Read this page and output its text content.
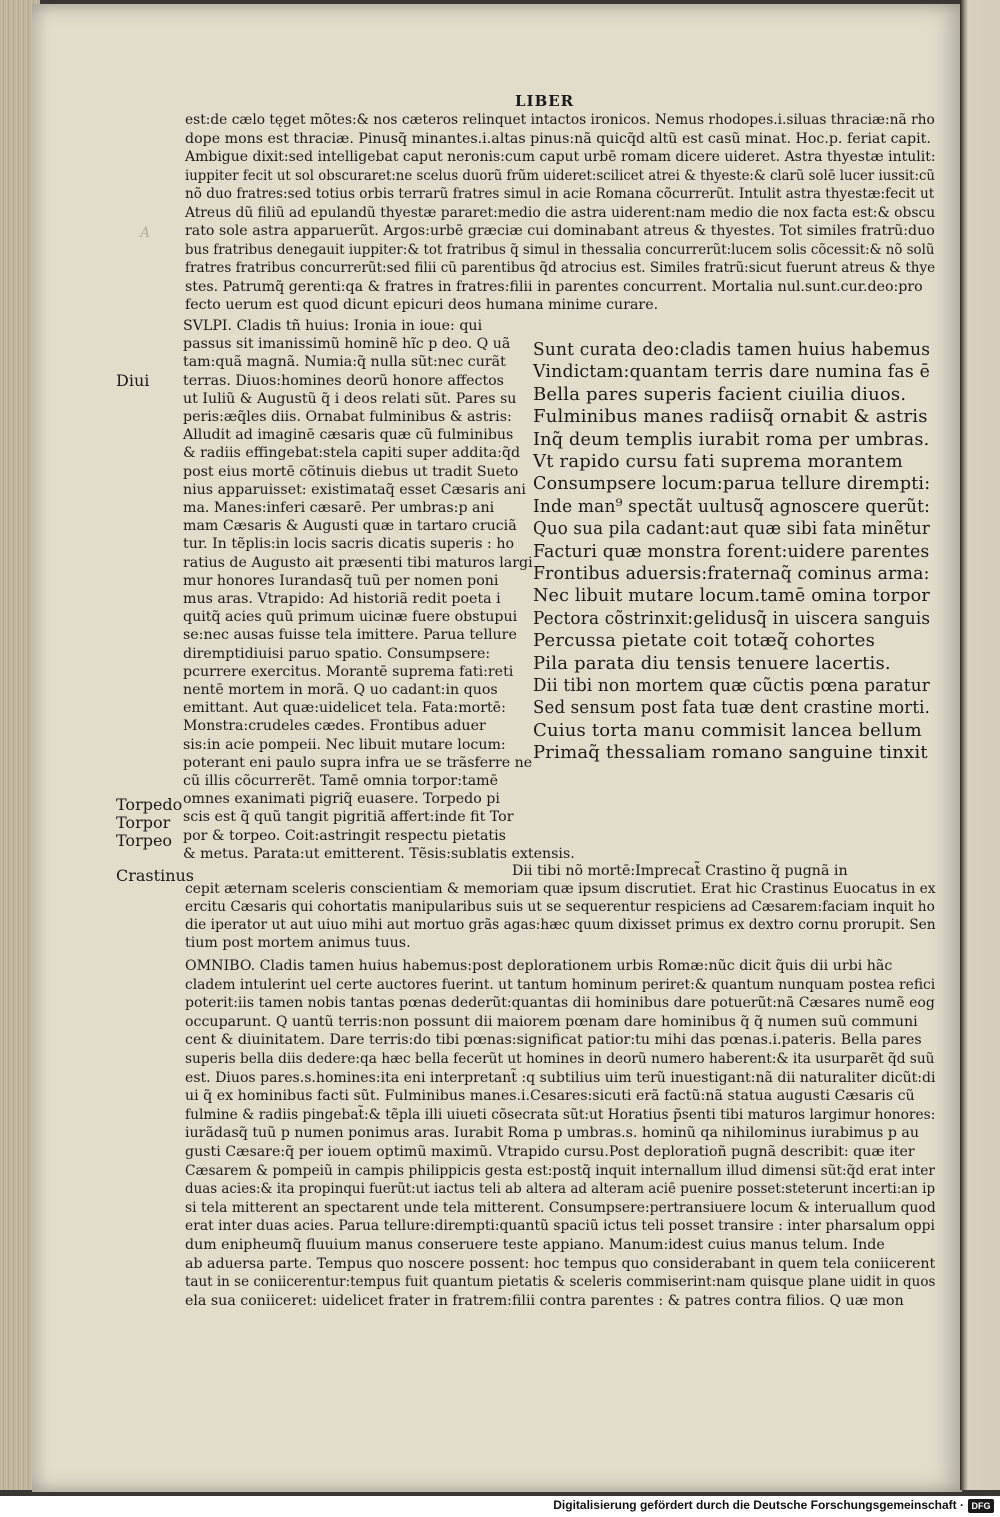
A
LIBER
est:de cælo tęget mõtes:& nos cæteros relinquet intactos ironicos. Nemus rhodopes.i.siluas thraciæ:nã rho
dope mons est thraciæ. Pinusq̃ minantes.i.altas pinus:nã quicq̃d altũ est casũ minat. Hoc.p. feriat capit.
Ambigue dixit:sed intelligebat caput neronis:cum caput urbē romam dicere uideret. Astra thyestæ intulit:
iuppiter fecit ut sol obscuraret:ne scelus duorũ frũm uideret:scilicet atrei & thyeste:& clarũ solē lucer iussit:cũ
nõ duo fratres:sed totius orbis terrarũ fratres simul in acie Romana cõcurrerũt. Intulit astra thyestæ:fecit ut
Atreus dũ filiũ ad epulandũ thyestæ pararet:medio die astra uiderent:nam medio die nox facta est:& obscu
rato sole astra apparuerũt. Argos:urbē græciæ cui dominabant atreus & thyestes. Tot similes fratrũ:duo
bus fratribus denegauit iuppiter:& tot fratribus q̃ simul in thessalia concurrerũt:lucem solis cõcessit:& nõ solũ
fratres fratribus concurrerũt:sed filii cũ parentibus q̃d atrocius est. Similes fratrũ:sicut fuerunt atreus & thye
stes. Patrumq̃ gerenti:qa & fratres in fratres:filii in parentes concurrent. Mortalia nul.sunt.cur.deo:pro
fecto uerum est quod dicunt epicuri deos humana minime curare.
SVLPI. Cladis tñ huius: Ironia in ioue: qui
passus sit imanissimũ hominẽ hĩc p deo. Q uã
tam:quã magnã. Numia:q̃ nulla sũt:nec curãt
terras. Diuos:homines deorũ honore affectos
ut Iuliũ & Augustũ q̃ i deos relati sũt. Pares su
peris:æq̃les diis. Ornabat fulminibus & astris:
Alludit ad imaginē cæsaris quæ cũ fulminibus
& radiis effingebat:stela capiti super addita:q̃d
post eius mortē cõtinuis diebus ut tradit Sueto
nius apparuisset: existimataq̃ esset Cæsaris ani
ma. Manes:inferi cæsarē. Per umbras:p ani
mam Cæsaris & Augusti quæ in tartaro cruciã
tur. In tẽplis:in locis sacris dicatis superis : ho
ratius de Augusto ait præsenti tibi maturos largi
mur honores Iurandasq̃ tuũ per nomen poni
mus aras. Vtrapido: Ad historiã redit poeta i
quitq̃ acies quũ primum uicinæ fuere obstupui
se:nec ausas fuisse tela imittere. Parua tellure
diremptidiuisi paruo spatio. Consumpsere:
pcurrere exercitus. Morantē suprema fati:reti
nentē mortem in morã. Q uo cadant:in quos
emittant. Aut quæ:uidelicet tela. Fata:mortē:
Monstra:crudeles cædes. Frontibus aduer
sis:in acie pompeii. Nec libuit mutare locum:
poterant eni paulo supra infra ue se trãsferre ne
cũ illis cõcurrerẽt. Tamē omnia torpor:tamē
omnes exanimati pigriq̃ euasere. Torpedo pi
scis est q̃ quũ tangit pigritiã affert:inde fit Tor
por & torpeo. Coit:astringit respectu pietatis
& metus. Parata:ut emitterent. Tẽsis:sublatis extensis.
Sunt curata deo:cladis tamen huius habemus
Vindictam:quantam terris dare numina fas ē
Bella pares superis facient ciuilia diuos.
Fulminibus manes radiisq̃ ornabit & astris
Inq̃ deum templis iurabit roma per umbras.
Vt rapido cursu fati suprema morantem
Consumpsere locum:parua tellure dirempti:
Inde man⁹ spectãt uultusq̃ agnoscere querũt:
Quo sua pila cadant:aut quæ sibi fata minẽtur
Facturi quæ monstra forent:uidere parentes
Frontibus aduersis:fraternaq̃ cominus arma:
Nec libuit mutare locum.tamē omina torpor
Pectora cõstrinxit:gelidusq̃ in uiscera sanguis
Percussa pietate coit totæq̃ cohortes
Pila parata diu tensis tenuere lacertis.
Dii tibi non mortem quæ cũctis pœna paratur
Sed sensum post fata tuæ dent crastine morti.
Cuius torta manu commisit lancea bellum
Primaq̃ thessaliam romano sanguine tinxit
Dii tibi nõ mortē:Imprecat̃ Crastino q̃ pugnã in
cepit æternam sceleris conscientiam & memoriam quæ ipsum discrutiet. Erat hic Crastinus Euocatus in ex
ercitu Cæsaris qui cohortatis manipularibus suis ut se sequerentur respiciens ad Cæsarem:faciam inquit ho
die iperator ut aut uiuo mihi aut mortuo grãs agas:hæc quum dixisset primus ex dextro cornu prorupit. Sen
tium post mortem animus tuus.
OMNIBO. Cladis tamen huius habemus:post deplorationem urbis Romæ:nũc dicit q̃uis dii urbi hãc
cladem intulerint uel certe auctores fuerint. ut tantum hominum periret:& quantum nunquam postea refici
poterit:iis tamen nobis tantas pœnas dederũt:quantas dii hominibus dare potuerũt:nã Cæsares numẽ eog
occuparunt. Q uantũ terris:non possunt dii maiorem pœnam dare hominibus q̃ q̃ numen suũ communi
cent & diuinitatem. Dare terris:do tibi pœnas:significat patior:tu mihi das pœnas.i.pateris. Bella pares
superis bella diis dedere:qa hæc bella fecerũt ut homines in deorũ numero haberent:& ita usurparẽt q̃d suũ
est. Diuos pares.s.homines:ita eni interpretant̃ :q subtilius uim terũ inuestigant:nã dii naturaliter dicũt:di
ui q̃ ex hominibus facti sũt. Fulminibus manes.i.Cesares:sicuti erã factũ:nã statua augusti Cæsaris cũ
fulmine & radiis pingebat̃:& tẽpla illi uiueti cõsecrata sũt:ut Horatius p̃senti tibi maturos largimur honores:
iurãdasq̃ tuũ p numen ponimus aras. Iurabit Roma p umbras.s. hominũ qa nihilominus iurabimus p au
gusti Cæsare:q̃ per iouem optimũ maximũ. Vtrapido cursu.Post deploratioñ pugnã describit: quæ iter
Cæsarem & pompeiũ in campis philippicis gesta est:postq̃ inquit internallum illud dimensi sũt:q̃d erat inter
duas acies:& ita propinqui fuerũt:ut iactus teli ab altera ad alteram aciē puenire posset:steterunt incerti:an ip
si tela mitterent an spectarent unde tela mitterent. Consumpsere:pertransiuere locum & interuallum quod
erat inter duas acies. Parua tellure:dirempti:quantũ spaciũ ictus teli posset transire : inter pharsalum oppi
dum enipheumq̃ fluuium manus conseruere teste appiano. Manum:idest cuius manus telum. Inde
ab aduersa parte. Tempus quo noscere possent: hoc tempus quo considerabant in quem tela coniicerent
taut in se coniicerentur:tempus fuit quantum pietatis & sceleris commiserint:nam quisque plane uidit in quos
ela sua coniiceret: uidelicet frater in fratrem:filii contra parentes : & patres contra filios. Q uæ mon
Diui
Torpedo
Torpor
Torpeo
Crastinus
Digitalisierung gefördert durch die Deutsche Forschungsgemeinschaft · DFG
